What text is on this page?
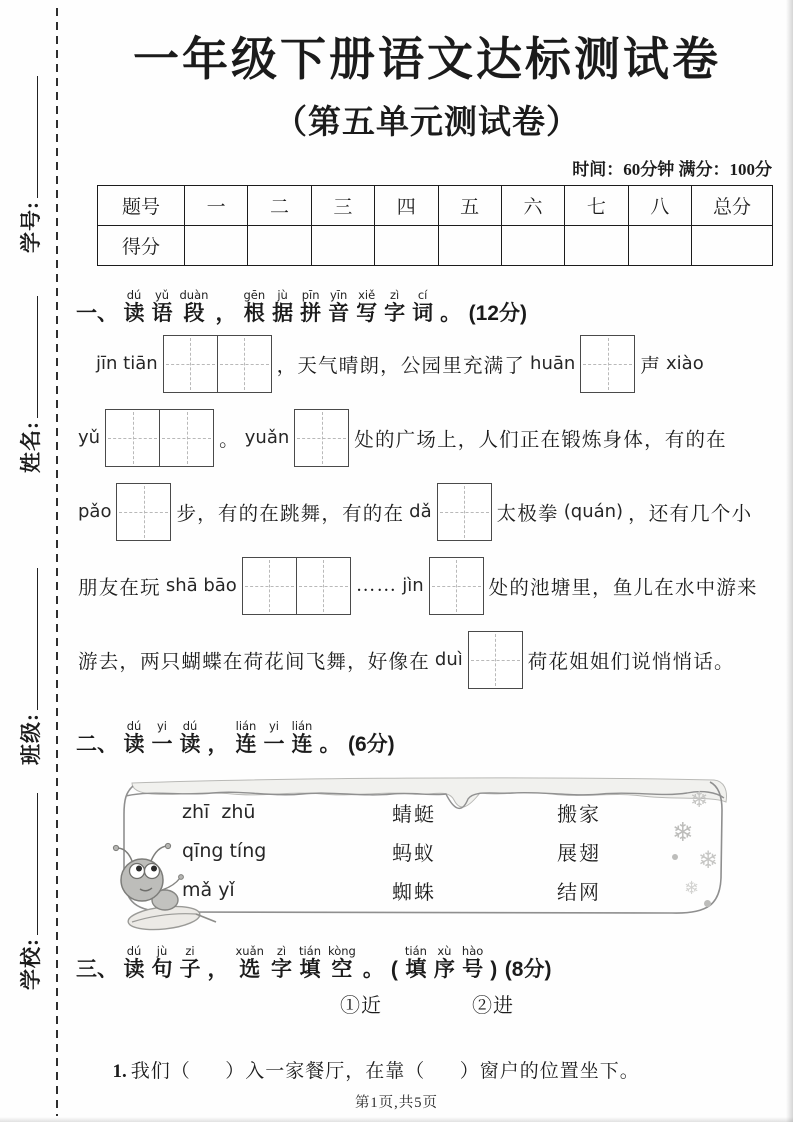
学号:
姓名:
班级:
学校:
一年级下册语文达标测试卷
（第五单元测试卷）
时间：60分钟 满分：100分
题号	一	二	三	四	五	六	七	八	总分
得分									
一、 读dú
语yǔ
段duàn
， 根gēn
据jù
拼pīn
音yīn
写xiě
字zì
词cí
。 (12分)
jīn tiān	，天气晴朗，公园里充满了 huān	声 xiào
yǔ	。 yuǎn	处的广场上，人们正在锻炼身体，有的在
pǎo	步，有的在跳舞，有的在 dǎ	太极拳 (quán) ，还有几个小
朋友在玩 shā bāo	…… jìn	处的池塘里，鱼儿在水中游来
游去，两只蝴蝶在荷花间飞舞，好像在 duì	荷花姐姐们说悄悄话。
二、 读dú
一yi
读dú
， 连lián
一yi
连lián
。 (6分)
zhī  zhū	蜻蜓	搬家
qīng tíng	蚂蚁	展翅
mǎ yǐ	蜘蛛	结网
❄
❄
❄
❄
三、 读dú
句jù
子zi
， 选xuǎn
字zì
填tián
空kòng
。 ( 填tián
序xù
号hào
) (8分)
①近	②进

1. 我们（      ）入一家餐厅，在靠（      ）窗户的位置坐下。

第1页,共5页
